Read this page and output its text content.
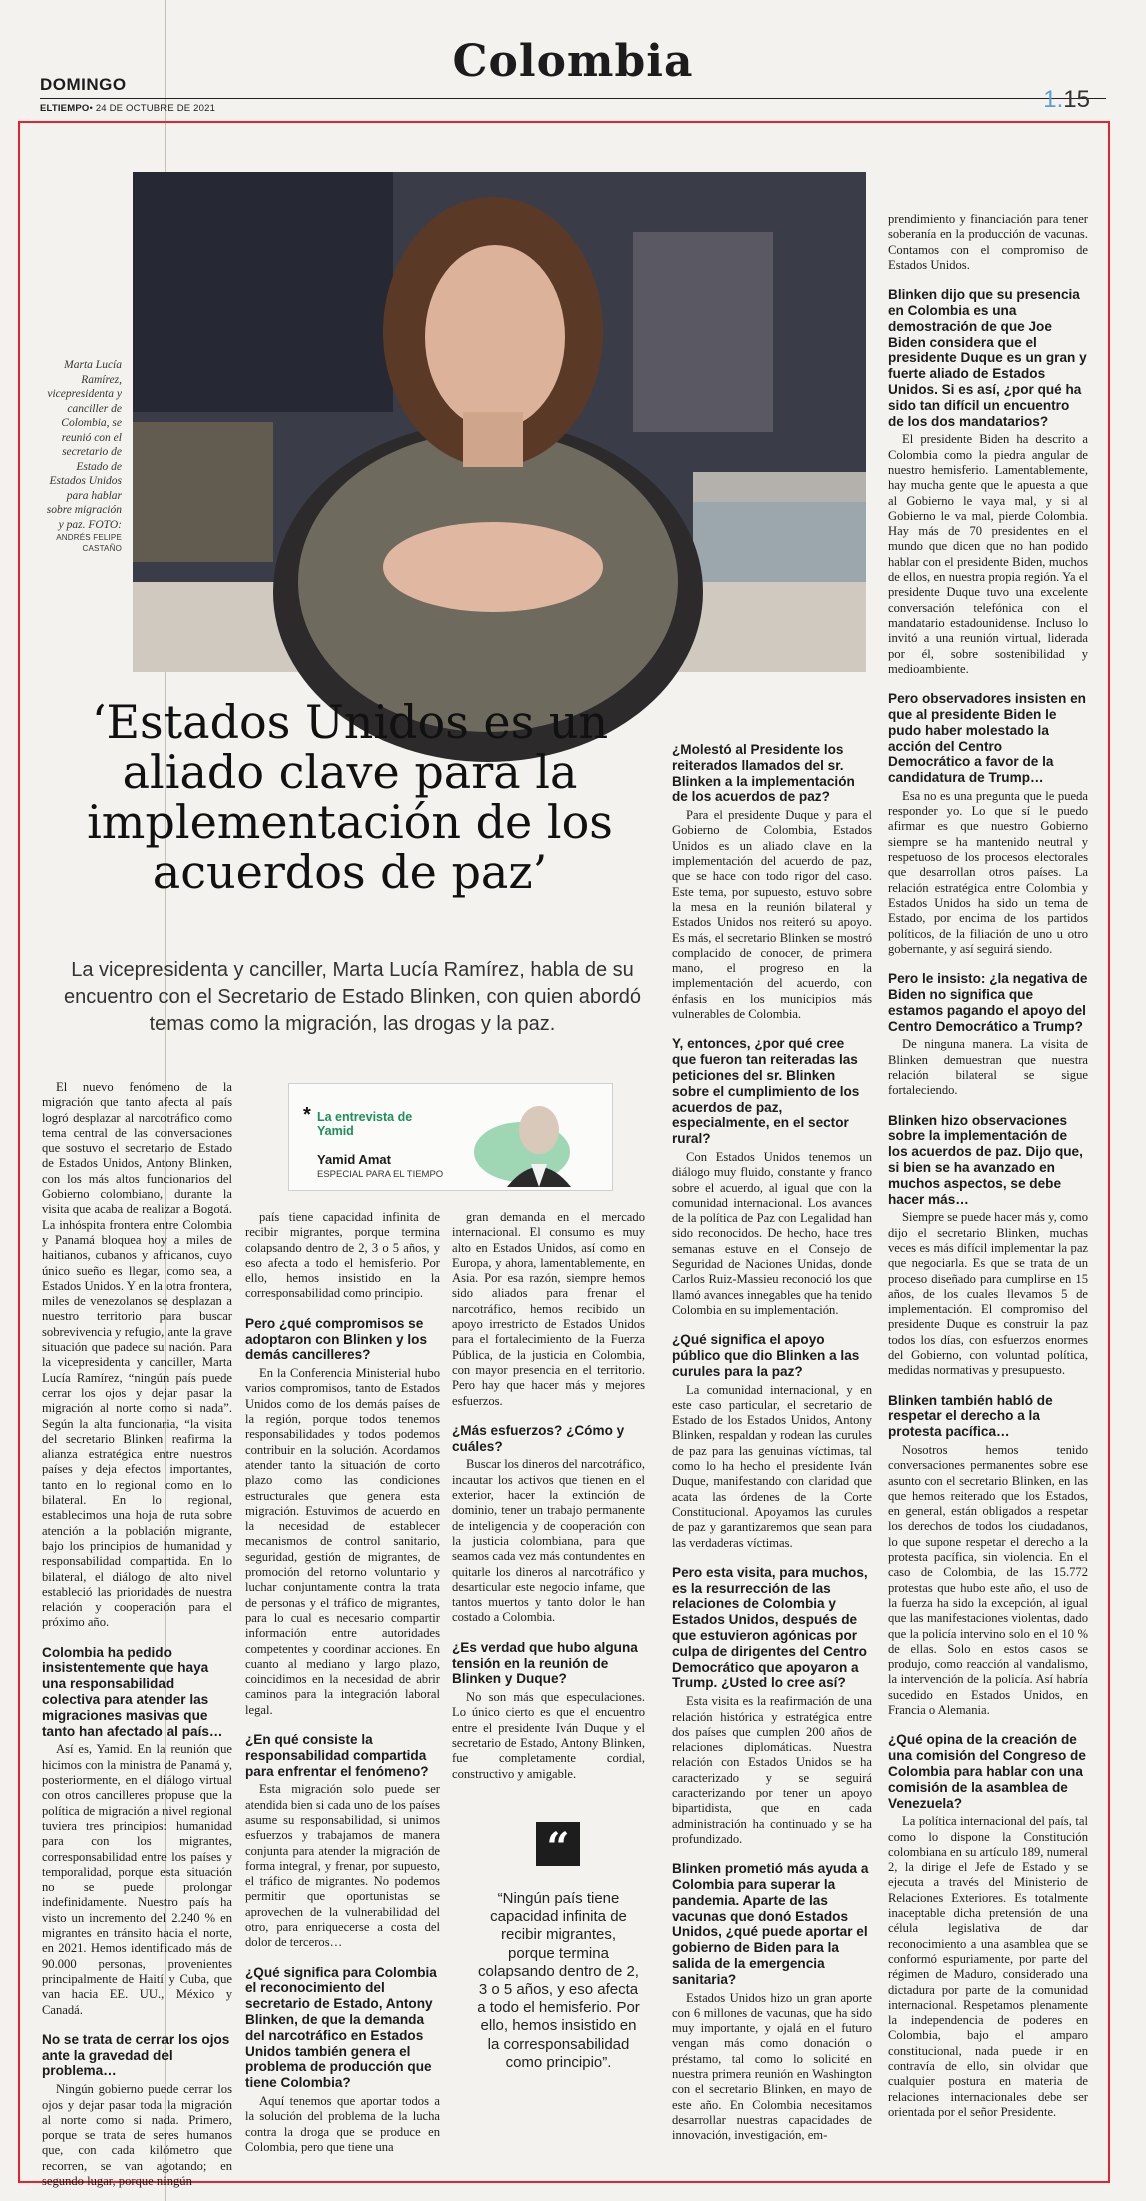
DOMINGO	Colombia
ELTIEMPO• 24 DE OCTUBRE DE 2021	1.15
Marta Lucía Ramírez, vicepresidenta y canciller de Colombia, se reunió con el secretario de Estado de Estados Unidos para hablar sobre migración y paz. FOTO:
ANDRÉS FELIPE CASTAÑO
‘Estados Unidos es un aliado clave para la implementación de los acuerdos de paz’

La vicepresidenta y canciller, Marta Lucía Ramírez, habla de su encuentro con el Secretario de Estado Blinken, con quien abordó temas como la migración, las drogas y la paz.

* La entrevista de Yamid
Yamid Amat
ESPECIAL PARA EL TIEMPO

El nuevo fenómeno de la migración que tanto afecta al país logró desplazar al narcotráfico como tema central de las conversaciones que sostuvo el secretario de Estado de Estados Unidos, Antony Blinken, con los más altos funcionarios del Gobierno colombiano, durante la visita que acaba de realizar a Bogotá. La inhóspita frontera entre Colombia y Panamá bloquea hoy a miles de haitianos, cubanos y africanos, cuyo único sueño es llegar, como sea, a Estados Unidos. Y en la otra frontera, miles de venezolanos se desplazan a nuestro territorio para buscar sobrevivencia y refugio, ante la grave situación que padece su nación. Para la vicepresidenta y canciller, Marta Lucía Ramírez, “ningún país puede cerrar los ojos y dejar pasar la migración al norte como si nada”. Según la alta funcionaria, “la visita del secretario Blinken reafirma la alianza estratégica entre nuestros países y deja efectos importantes, tanto en lo regional como en lo bilateral. En lo regional, establecimos una hoja de ruta sobre atención a la población migrante, bajo los principios de humanidad y responsabilidad compartida. En lo bilateral, el diálogo de alto nivel estableció las prioridades de nuestra relación y cooperación para el próximo año.

Colombia ha pedido insistentemente que haya una responsabilidad colectiva para atender las migraciones masivas que tanto han afectado al país…

Así es, Yamid. En la reunión que hicimos con la ministra de Panamá y, posteriormente, en el diálogo virtual con otros cancilleres propuse que la política de migración a nivel regional tuviera tres principios: humanidad para con los migrantes, corresponsabilidad entre los países y temporalidad, porque esta situación no se puede prolongar indefinidamente. Nuestro país ha visto un incremento del 2.240 % en migrantes en tránsito hacia el norte, en 2021. Hemos identificado más de 90.000 personas, provenientes principalmente de Haití y Cuba, que van hacia EE. UU., México y Canadá.

No se trata de cerrar los ojos ante la gravedad del problema…

Ningún gobierno puede cerrar los ojos y dejar pasar toda la migración al norte como si nada. Primero, porque se trata de seres humanos que, con cada kilómetro que recorren, se van agotando; en segundo lugar, porque ningún

país tiene capacidad infinita de recibir migrantes, porque termina colapsando dentro de 2, 3 o 5 años, y eso afecta a todo el hemisferio. Por ello, hemos insistido en la corresponsabilidad como principio.

Pero ¿qué compromisos se adoptaron con Blinken y los demás cancilleres?

En la Conferencia Ministerial hubo varios compromisos, tanto de Estados Unidos como de los demás países de la región, porque todos tenemos responsabilidades y todos podemos contribuir en la solución. Acordamos atender tanto la situación de corto plazo como las condiciones estructurales que genera esta migración. Estuvimos de acuerdo en la necesidad de establecer mecanismos de control sanitario, seguridad, gestión de migrantes, de promoción del retorno voluntario y luchar conjuntamente contra la trata de personas y el tráfico de migrantes, para lo cual es necesario compartir información entre autoridades competentes y coordinar acciones. En cuanto al mediano y largo plazo, coincidimos en la necesidad de abrir caminos para la integración laboral legal.

¿En qué consiste la responsabilidad compartida para enfrentar el fenómeno?

Esta migración solo puede ser atendida bien si cada uno de los países asume su responsabilidad, si unimos esfuerzos y trabajamos de manera conjunta para atender la migración de forma integral, y frenar, por supuesto, el tráfico de migrantes. No podemos permitir que oportunistas se aprovechen de la vulnerabilidad del otro, para enriquecerse a costa del dolor de terceros…

¿Qué significa para Colombia el reconocimiento del secretario de Estado, Antony Blinken, de que la demanda del narcotráfico en Estados Unidos también genera el problema de producción que tiene Colombia?

Aquí tenemos que aportar todos a la solución del problema de la lucha contra la droga que se produce en Colombia, pero que tiene una

gran demanda en el mercado internacional. El consumo es muy alto en Estados Unidos, así como en Europa, y ahora, lamentablemente, en Asia. Por esa razón, siempre hemos sido aliados para frenar el narcotráfico, hemos recibido un apoyo irrestricto de Estados Unidos para el fortalecimiento de la Fuerza Pública, de la justicia en Colombia, con mayor presencia en el territorio. Pero hay que hacer más y mejores esfuerzos.

¿Más esfuerzos? ¿Cómo y cuáles?

Buscar los dineros del narcotráfico, incautar los activos que tienen en el exterior, hacer la extinción de dominio, tener un trabajo permanente de inteligencia y de cooperación con la justicia colombiana, para que seamos cada vez más contundentes en quitarle los dineros al narcotráfico y desarticular este negocio infame, que tantos muertos y tanto dolor le han costado a Colombia.

¿Es verdad que hubo alguna tensión en la reunión de Blinken y Duque?

No son más que especulaciones. Lo único cierto es que el encuentro entre el presidente Iván Duque y el secretario de Estado, Antony Blinken, fue completamente cordial, constructivo y amigable.

¿Molestó al Presidente los reiterados llamados del sr. Blinken a la implementación de los acuerdos de paz?

Para el presidente Duque y para el Gobierno de Colombia, Estados Unidos es un aliado clave en la implementación del acuerdo de paz, que se hace con todo rigor del caso. Este tema, por supuesto, estuvo sobre la mesa en la reunión bilateral y Estados Unidos nos reiteró su apoyo. Es más, el secretario Blinken se mostró complacido de conocer, de primera mano, el progreso en la implementación del acuerdo, con énfasis en los municipios más vulnerables de Colombia.

Y, entonces, ¿por qué cree que fueron tan reiteradas las peticiones del sr. Blinken sobre el cumplimiento de los acuerdos de paz, especialmente, en el sector rural?

Con Estados Unidos tenemos un diálogo muy fluido, constante y franco sobre el acuerdo, al igual que con la comunidad internacional. Los avances de la política de Paz con Legalidad han sido reconocidos. De hecho, hace tres semanas estuve en el Consejo de Seguridad de Naciones Unidas, donde Carlos Ruiz-Massieu reconoció los que llamó avances innegables que ha tenido Colombia en su implementación.

¿Qué significa el apoyo público que dio Blinken a las curules para la paz?

La comunidad internacional, y en este caso particular, el secretario de Estado de los Estados Unidos, Antony Blinken, respaldan y rodean las curules de paz para las genuinas víctimas, tal como lo ha hecho el presidente Iván Duque, manifestando con claridad que acata las órdenes de la Corte Constitucional. Apoyamos las curules de paz y garantizaremos que sean para las verdaderas víctimas.

Pero esta visita, para muchos, es la resurrección de las relaciones de Colombia y Estados Unidos, después de que estuvieron agónicas por culpa de dirigentes del Centro Democrático que apoyaron a Trump. ¿Usted lo cree así?

Esta visita es la reafirmación de una relación histórica y estratégica entre dos países que cumplen 200 años de relaciones diplomáticas. Nuestra relación con Estados Unidos se ha caracterizado y se seguirá caracterizando por tener un apoyo bipartidista, que en cada administración ha continuado y se ha profundizado.

Blinken prometió más ayuda a Colombia para superar la pandemia. Aparte de las vacunas que donó Estados Unidos, ¿qué puede aportar el gobierno de Biden para la salida de la emergencia sanitaria?

Estados Unidos hizo un gran aporte con 6 millones de vacunas, que ha sido muy importante, y ojalá en el futuro vengan más como donación o préstamo, tal como lo solicité en nuestra primera reunión en Washington con el secretario Blinken, en mayo de este año. En Colombia necesitamos desarrollar nuestras capacidades de innovación, investigación, em-

prendimiento y financiación para tener soberanía en la producción de vacunas. Contamos con el compromiso de Estados Unidos.

Blinken dijo que su presencia en Colombia es una demostración de que Joe Biden considera que el presidente Duque es un gran y fuerte aliado de Estados Unidos. Si es así, ¿por qué ha sido tan difícil un encuentro de los dos mandatarios?

El presidente Biden ha descrito a Colombia como la piedra angular de nuestro hemisferio. Lamentablemente, hay mucha gente que le apuesta a que al Gobierno le vaya mal, y si al Gobierno le va mal, pierde Colombia. Hay más de 70 presidentes en el mundo que dicen que no han podido hablar con el presidente Biden, muchos de ellos, en nuestra propia región. Ya el presidente Duque tuvo una excelente conversación telefónica con el mandatario estadounidense. Incluso lo invitó a una reunión virtual, liderada por él, sobre sostenibilidad y medioambiente.

Pero observadores insisten en que al presidente Biden le pudo haber molestado la acción del Centro Democrático a favor de la candidatura de Trump…

Esa no es una pregunta que le pueda responder yo. Lo que sí le puedo afirmar es que nuestro Gobierno siempre se ha mantenido neutral y respetuoso de los procesos electorales que desarrollan otros países. La relación estratégica entre Colombia y Estados Unidos ha sido un tema de Estado, por encima de los partidos políticos, de la filiación de uno u otro gobernante, y así seguirá siendo.

Pero le insisto: ¿la negativa de Biden no significa que estamos pagando el apoyo del Centro Democrático a Trump?

De ninguna manera. La visita de Blinken demuestran que nuestra relación bilateral se sigue fortaleciendo.

Blinken hizo observaciones sobre la implementación de los acuerdos de paz. Dijo que, si bien se ha avanzado en muchos aspectos, se debe hacer más…

Siempre se puede hacer más y, como dijo el secretario Blinken, muchas veces es más difícil implementar la paz que negociarla. Es que se trata de un proceso diseñado para cumplirse en 15 años, de los cuales llevamos 5 de implementación. El compromiso del presidente Duque es construir la paz todos los días, con esfuerzos enormes del Gobierno, con voluntad política, medidas normativas y presupuesto.

Blinken también habló de respetar el derecho a la protesta pacífica…

Nosotros hemos tenido conversaciones permanentes sobre ese asunto con el secretario Blinken, en las que hemos reiterado que los Estados, en general, están obligados a respetar los derechos de todos los ciudadanos, lo que supone respetar el derecho a la protesta pacífica, sin violencia. En el caso de Colombia, de las 15.772 protestas que hubo este año, el uso de la fuerza ha sido la excepción, al igual que las manifestaciones violentas, dado que la policía intervino solo en el 10 % de ellas. Solo en estos casos se produjo, como reacción al vandalismo, la intervención de la policía. Así habría sucedido en Estados Unidos, en Francia o Alemania.

¿Qué opina de la creación de una comisión del Congreso de Colombia para hablar con una comisión de la asamblea de Venezuela?

La política internacional del país, tal como lo dispone la Constitución colombiana en su artículo 189, numeral 2, la dirige el Jefe de Estado y se ejecuta a través del Ministerio de Relaciones Exteriores. Es totalmente inaceptable dicha pretensión de una célula legislativa de dar reconocimiento a una asamblea que se conformó espuriamente, por parte del régimen de Maduro, considerado una dictadura por parte de la comunidad internacional. Respetamos plenamente la independencia de poderes en Colombia, bajo el amparo constitucional, nada puede ir en contravía de ello, sin olvidar que cualquier postura en materia de relaciones internacionales debe ser orientada por el señor Presidente.

“

“Ningún país tiene capacidad infinita de recibir migrantes, porque termina colapsando dentro de 2, 3 o 5 años, y eso afecta a todo el hemisferio. Por ello, hemos insistido en la corresponsabilidad como principio”.
